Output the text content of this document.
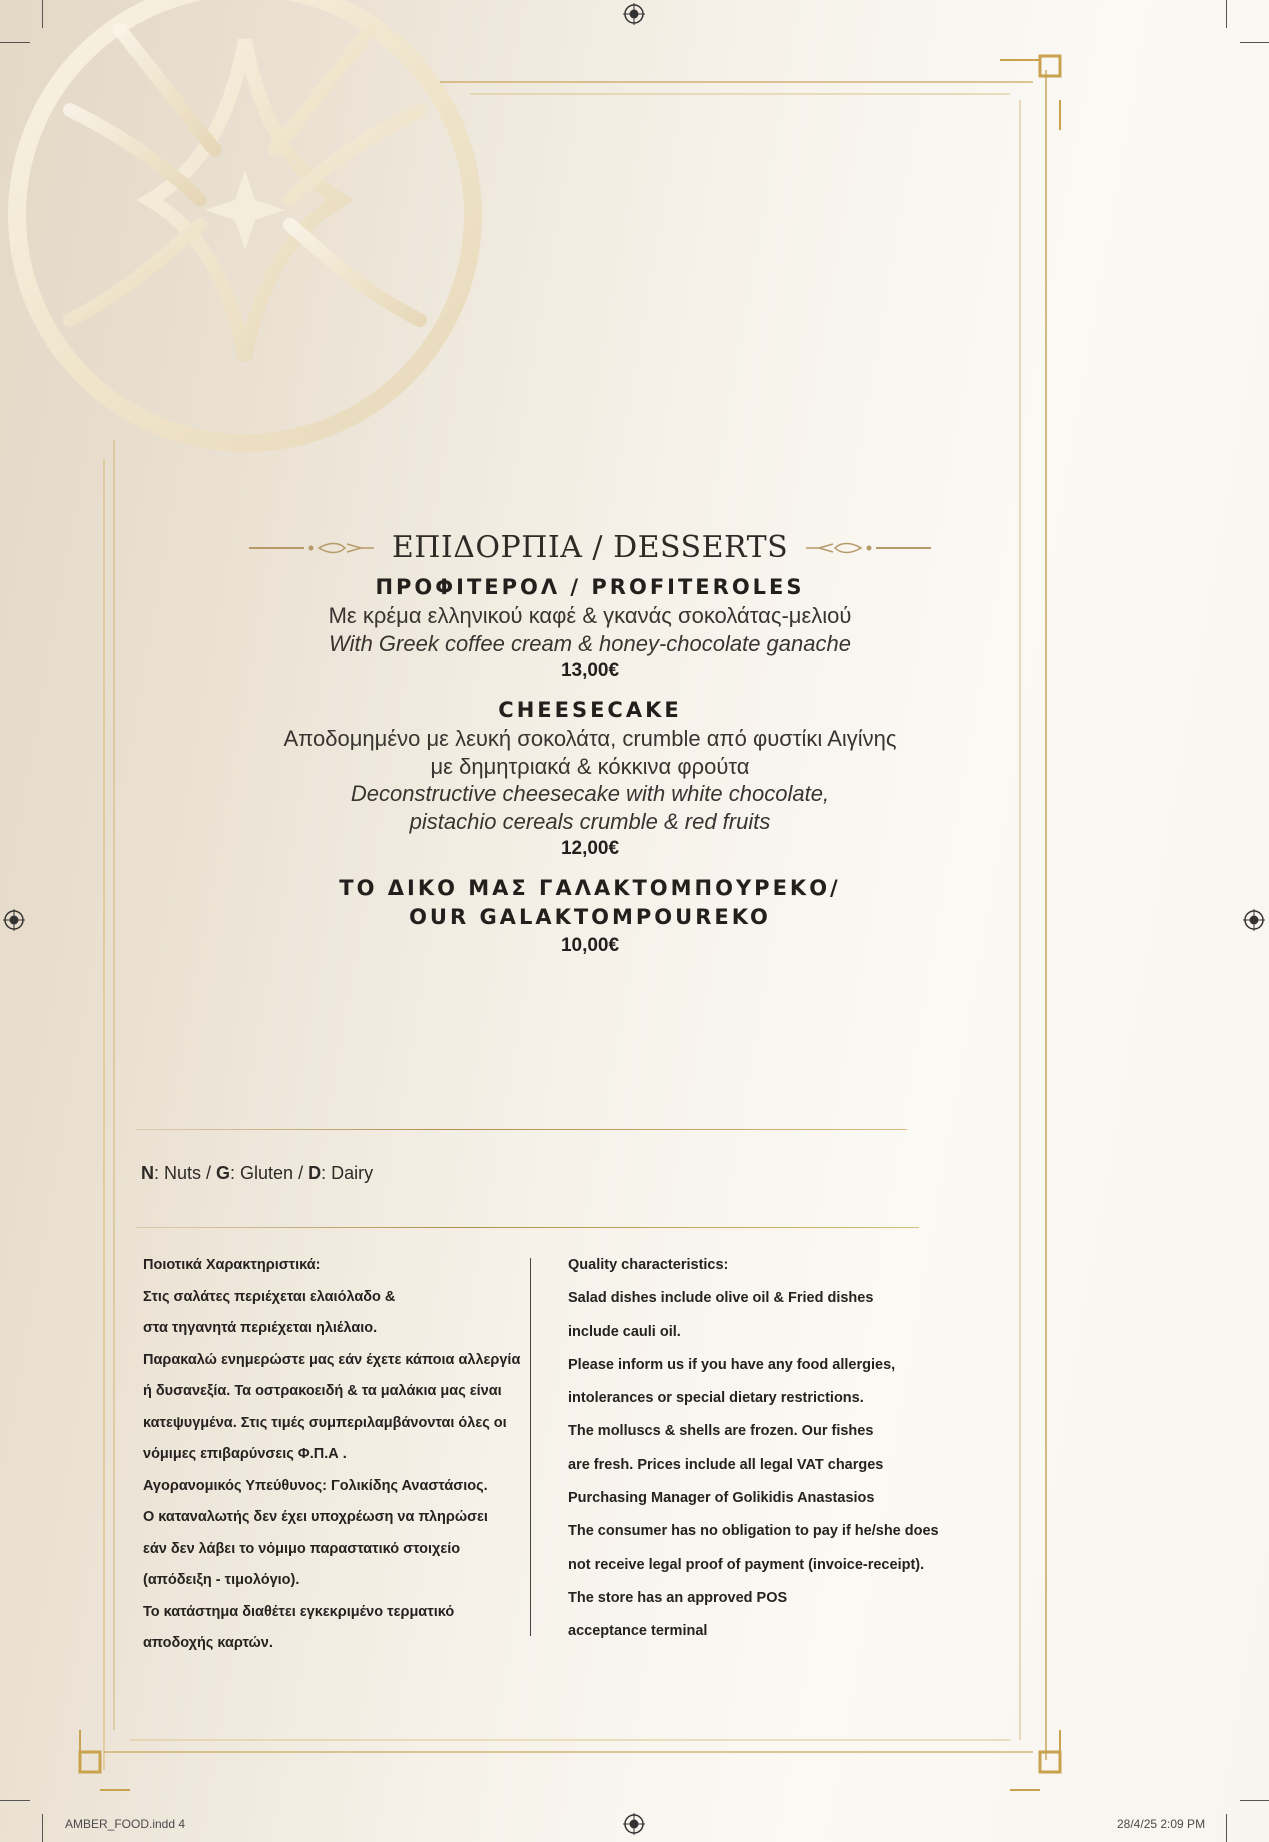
ΕΠΙΔΟΡΠΙΑ / DESSERTS
ΠΡΟΦΙΤΕΡΟΛ / PROFITEROLES
Με κρέμα ελληνικού καφέ & γκανάς σοκολάτας-μελιού
With Greek coffee cream & honey-chocolate ganache
13,00€
CHEESECAKE
Αποδομημένο με λευκή σοκολάτα, crumble από φυστίκι Αιγίνης
με δημητριακά & κόκκινα φρούτα
Deconstructive cheesecake with white chocolate,
pistachio cereals crumble & red fruits
12,00€
ΤΟ ΔΙΚΟ ΜΑΣ ΓΑΛΑΚΤΟΜΠΟΥΡΕΚΟ/
OUR GALAKTOMPOUREKO
10,00€
N: Nuts / G: Gluten / D: Dairy
Ποιοτικά Χαρακτηριστικά:
Στις σαλάτες περιέχεται ελαιόλαδο &
στα τηγανητά περιέχεται ηλιέλαιο.
Παρακαλώ ενημερώστε μας εάν έχετε κάποια αλλεργία
ή δυσανεξία. Τα οστρακοειδή & τα μαλάκια μας είναι
κατεψυγμένα. Στις τιμές συμπεριλαμβάνονται όλες οι
νόμιμες επιβαρύνσεις Φ.Π.Α .
Αγορανομικός Υπεύθυνος: Γολικίδης Αναστάσιος.
Ο καταναλωτής δεν έχει υποχρέωση να πληρώσει
εάν δεν λάβει το νόμιμο παραστατικό στοιχείο
(απόδειξη - τιμολόγιο).
Το κατάστημα διαθέτει εγκεκριμένο τερματικό
αποδοχής καρτών.
Quality characteristics:
Salad dishes include olive oil & Fried dishes
include cauli oil.
Please inform us if you have any food allergies,
intolerances or special dietary restrictions.
The molluscs & shells are frozen. Our fishes
are fresh. Prices include all legal VAT charges
Purchasing Manager of Golikidis Anastasios
The consumer has no obligation to pay if he/she does
not receive legal proof of payment (invoice-receipt).
The store has an approved POS
acceptance terminal
AMBER_FOOD.indd 4	28/4/25 2:09 PM
